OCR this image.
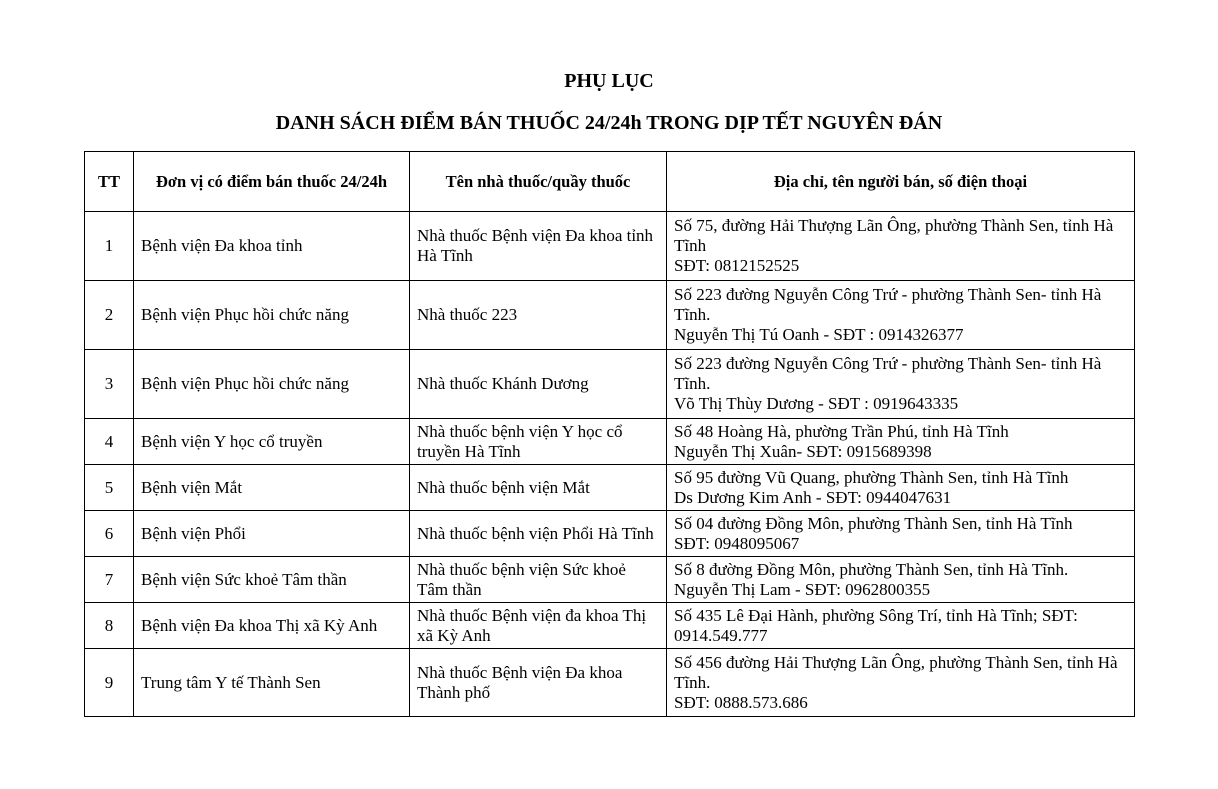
PHỤ LỤC
DANH SÁCH ĐIỂM BÁN THUỐC 24/24h TRONG DỊP TẾT NGUYÊN ĐÁN
TT	Đơn vị có điểm bán thuốc 24/24h	Tên nhà thuốc/quầy thuốc	Địa chỉ, tên người bán, số điện thoại
1	Bệnh viện Đa khoa tỉnh	Nhà thuốc Bệnh viện Đa khoa tỉnh Hà Tĩnh	Số 75, đường Hải Thượng Lãn Ông, phường Thành Sen, tỉnh Hà Tĩnh
SĐT: 0812152525

2	Bệnh viện Phục hồi chức năng	Nhà thuốc 223	Số 223 đường Nguyễn Công Trứ - phường Thành Sen- tỉnh Hà Tĩnh.
Nguyễn Thị Tú Oanh - SĐT : 0914326377

3	Bệnh viện Phục hồi chức năng	Nhà thuốc Khánh Dương	Số 223 đường Nguyễn Công Trứ - phường Thành Sen- tỉnh Hà Tĩnh.
Võ Thị Thùy Dương - SĐT : 0919643335

4	Bệnh viện Y học cổ truyền	Nhà thuốc bệnh viện Y học cổ truyền Hà Tĩnh	Số 48 Hoàng Hà, phường Trần Phú, tỉnh Hà Tĩnh
Nguyễn Thị Xuân- SĐT: 0915689398

5	Bệnh viện Mắt	Nhà thuốc bệnh viện Mắt	Số 95 đường Vũ Quang, phường Thành Sen, tỉnh Hà Tĩnh
Ds Dương Kim Anh - SĐT: 0944047631

6	Bệnh viện Phổi	Nhà thuốc bệnh viện Phổi Hà Tĩnh	Số 04 đường Đồng Môn, phường Thành Sen, tỉnh Hà Tĩnh
SĐT: 0948095067

7	Bệnh viện Sức khoẻ Tâm thần	Nhà thuốc bệnh viện Sức khoẻ Tâm thần	Số 8 đường Đồng Môn, phường Thành Sen, tỉnh Hà Tĩnh.
Nguyễn Thị Lam - SĐT: 0962800355

8	Bệnh viện Đa khoa Thị xã Kỳ Anh	Nhà thuốc Bệnh viện đa khoa Thị xã Kỳ Anh	Số 435 Lê Đại Hành, phường Sông Trí, tỉnh Hà Tĩnh; SĐT: 0914.549.777

9	Trung tâm Y tế Thành Sen	Nhà thuốc Bệnh viện Đa khoa Thành phố	Số 456 đường Hải Thượng Lãn Ông, phường Thành Sen, tỉnh Hà Tĩnh.
SĐT: 0888.573.686
